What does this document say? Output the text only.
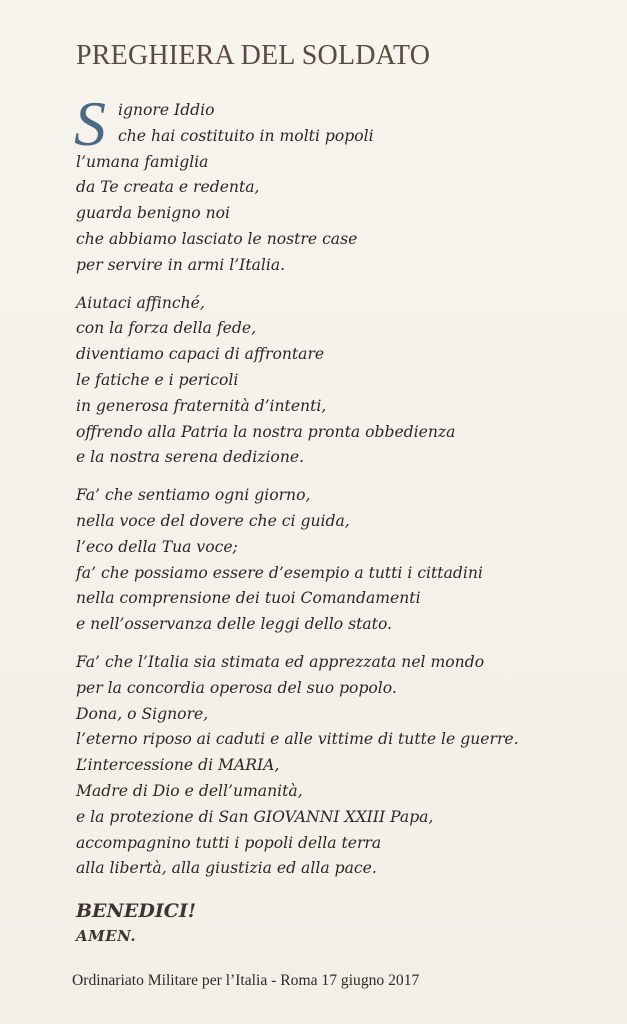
PREGHIERA DEL SOLDATO
S ignore Iddio
che hai costituito in molti popoli
l’umana famiglia
da Te creata e redenta,
guarda benigno noi
che abbiamo lasciato le nostre case
per servire in armi l’Italia.
Aiutaci affinché,
con la forza della fede,
diventiamo capaci di affrontare
le fatiche e i pericoli
in generosa fraternità d’intenti,
offrendo alla Patria la nostra pronta obbedienza
e la nostra serena dedizione.
Fa’ che sentiamo ogni giorno,
nella voce del dovere che ci guida,
l’eco della Tua voce;
fa’ che possiamo essere d’esempio a tutti i cittadini
nella comprensione dei tuoi Comandamenti
e nell’osservanza delle leggi dello stato.
Fa’ che l’Italia sia stimata ed apprezzata nel mondo
per la concordia operosa del suo popolo.
Dona, o Signore,
l’eterno riposo ai caduti e alle vittime di tutte le guerre.
L’intercessione di MARIA,
Madre di Dio e dell’umanità,
e la protezione di San GIOVANNI XXIII Papa,
accompagnino tutti i popoli della terra
alla libertà, alla giustizia ed alla pace.
BENEDICI!
AMEN.
Ordinariato Militare per l’Italia - Roma 17 giugno 2017
